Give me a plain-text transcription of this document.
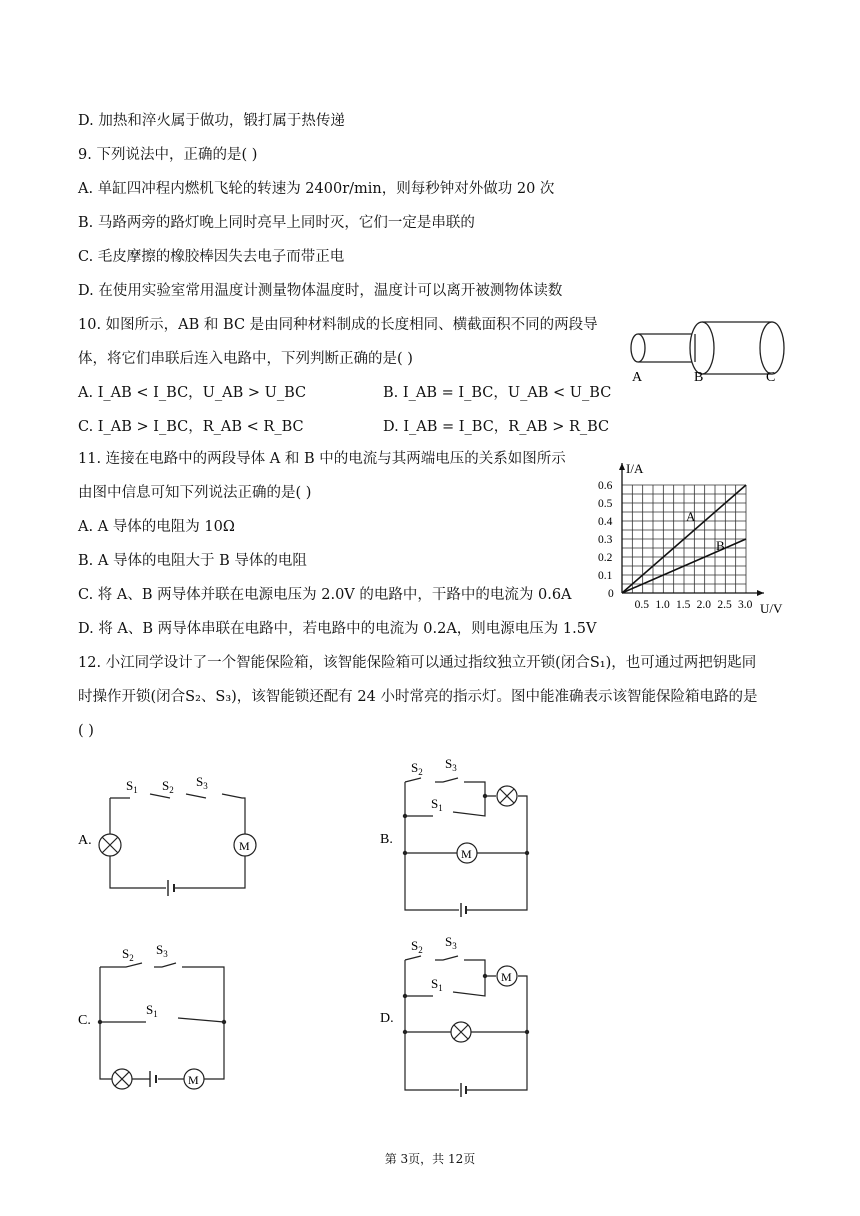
D. 加热和淬火属于做功，锻打属于热传递
9. 下列说法中，正确的是( )
A. 单缸四冲程内燃机飞轮的转速为 2400r/min，则每秒钟对外做功 20 次
B. 马路两旁的路灯晚上同时亮早上同时灭，它们一定是串联的
C. 毛皮摩擦的橡胶棒因失去电子而带正电
D. 在使用实验室常用温度计测量物体温度时，温度计可以离开被测物体读数
10. 如图所示，AB 和 BC 是由同种材料制成的长度相同、横截面积不同的两段导
体，将它们串联后连入电路中，下列判断正确的是( )
A. I_AB < I_BC，U_AB > U_BC	B. I_AB = I_BC，U_AB < U_BC
C. I_AB > I_BC，R_AB < R_BC	D. I_AB = I_BC，R_AB > R_BC
A	B	C
11. 连接在电路中的两段导体 A 和 B 中的电流与其两端电压的关系如图所示
由图中信息可知下列说法正确的是( )
A. A 导体的电阻为 10Ω
B. A 导体的电阻大于 B 导体的电阻
C. 将 A、B 两导体并联在电源电压为 2.0V 的电路中，干路中的电流为 0.6A
D. 将 A、B 两导体串联在电路中，若电路中的电流为 0.2A，则电源电压为 1.5V
0.5 1.0 1.5 2.0 2.5 3.0
0
0.1
0.2
0.3
0.4
0.5
0.6
U/V
I/A
A
B
12. 小江同学设计了一个智能保险箱，该智能保险箱可以通过指纹独立开锁(闭合S₁)，也可通过两把钥匙同
时操作开锁(闭合S₂、S₃)，该智能锁还配有 24 小时常亮的指示灯。图中能准确表示该智能保险箱电路的是
( )
A.	M
$S_1$ $S_2$
$S_3$
B.
M
$S_2$
$S_3$
$S_1$
C.
M
$S_2$
$S_3$
$S_1$	D.
M
$S_2$
$S_3$
$S_1$
第 3页，共 12页
